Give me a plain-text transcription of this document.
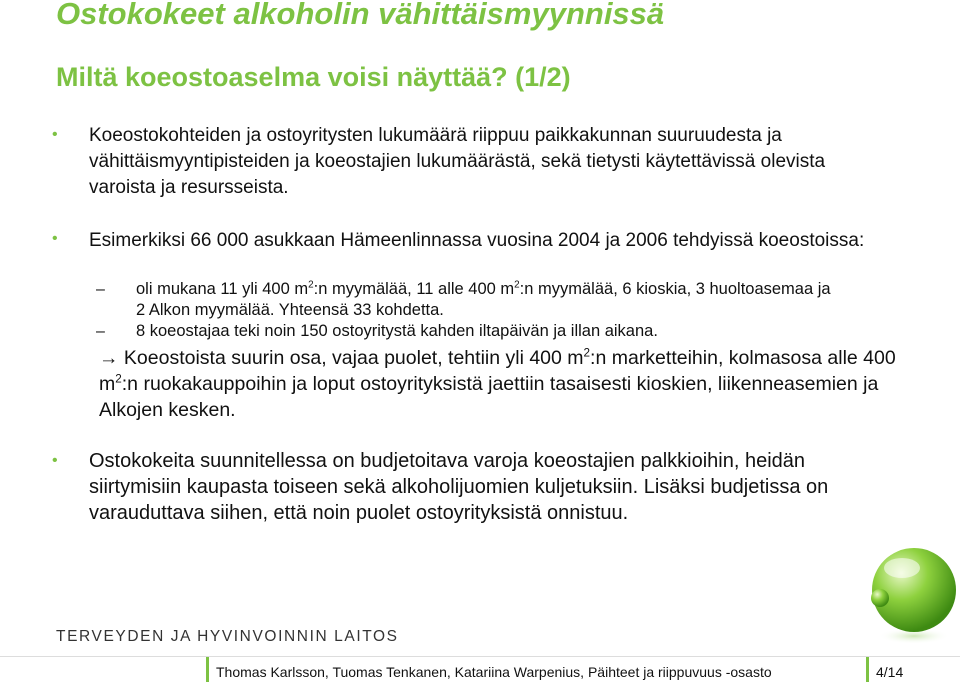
Ostokokeet alkoholin vähittäismyynnissä
Miltä koeostoaselma voisi näyttää? (1/2)
• Koeostokohteiden ja ostoyritysten lukumäärä riippuu paikkakunnan suuruudesta ja vähittäismyyntipisteiden ja koeostajien lukumäärästä, sekä tietysti käytettävissä olevista varoista ja resursseista.
• Esimerkiksi 66 000 asukkaan Hämeenlinnassa vuosina 2004 ja 2006 tehdyissä koeostoissa:
– oli mukana 11 yli 400 $m^2:n$ myymälää, 11 alle 400 $m^2:n$ myymälää, 6 kioskia, 3 huoltoasemaa ja 2 Alkon myymälää. Yhteensä 33 kohdetta.
– 8 koeostajaa teki noin 150 ostoyritystä kahden iltapäivän ja illan aikana.
→ Koeostoista suurin osa, vajaa puolet, tehtiin yli 400 $m^2:n$ marketteihin, kolmasosa alle 400 $m^2:n$ ruokakauppoihin ja loput ostoyrityksistä jaettiin tasaisesti kioskien, liikenneasemien ja Alkojen kesken.
• Ostokokeita suunnitellessa on budjetoitava varoja koeostajien palkkioihin, heidän siirtymisiin kaupasta toiseen sekä alkoholijuomien kuljetuksiin. Lisäksi budjetissa on varauduttava siihen, että noin puolet ostoyrityksistä onnistuu.
TERVEYDEN JA HYVINVOINNIN LAITOS
Thomas Karlsson, Tuomas Tenkanen, Katariina Warpenius, Päihteet ja riippuvuus -osasto	4/14
